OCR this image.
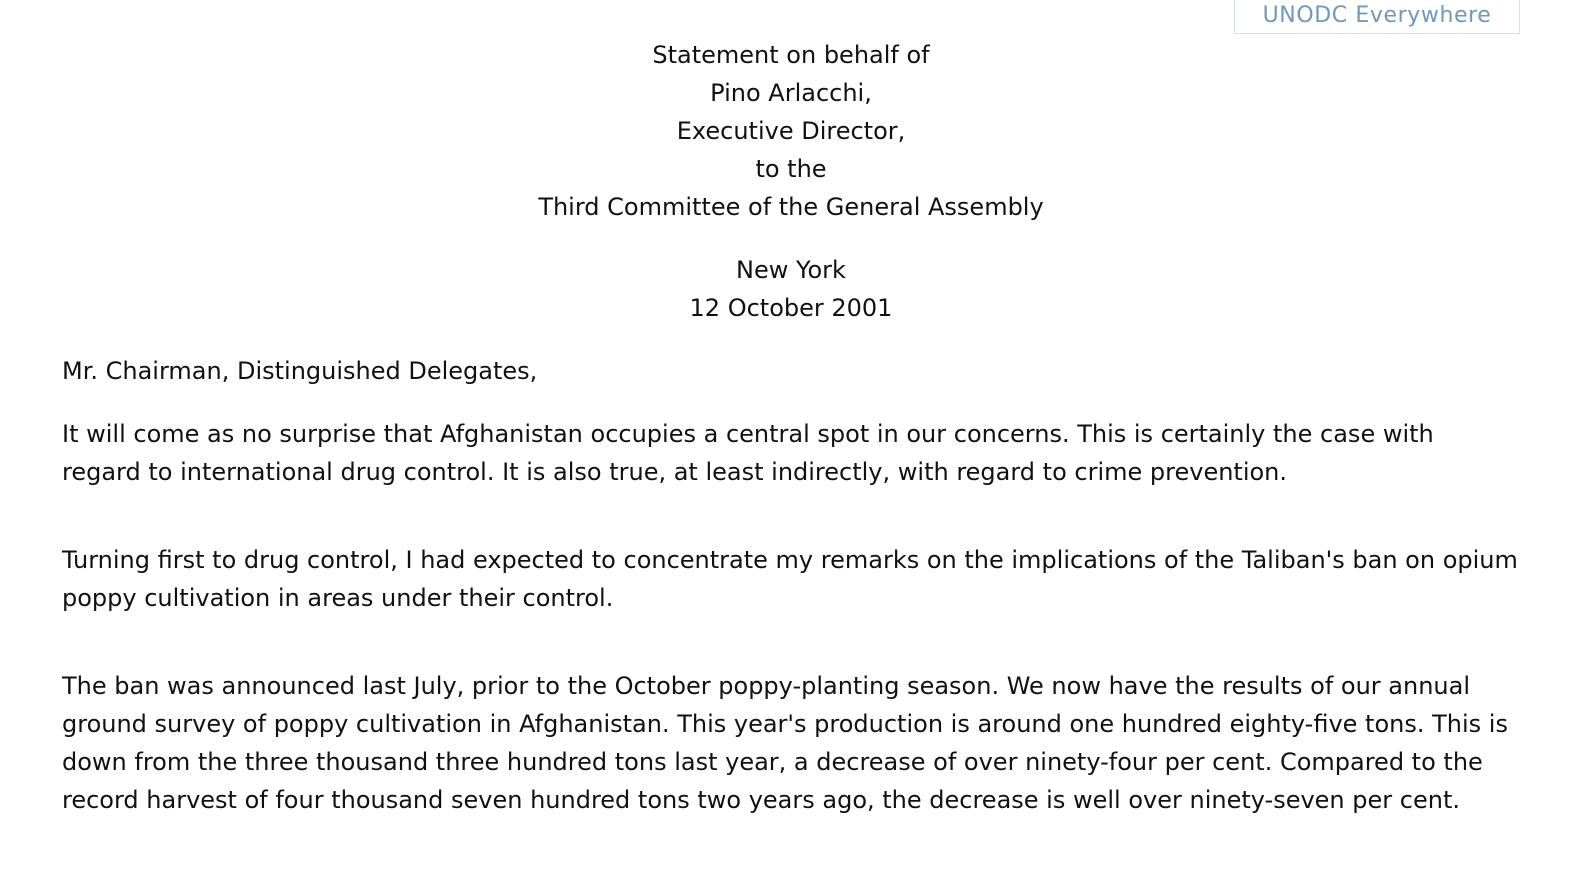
UNODC Everywhere
Statement on behalf of
Pino Arlacchi,
Executive Director,
to the
Third Committee of the General Assembly
New York
12 October 2001
Mr. Chairman, Distinguished Delegates,

It will come as no surprise that Afghanistan occupies a central spot in our concerns. This is certainly the case with regard to international drug control. It is also true, at least indirectly, with regard to crime prevention.

Turning first to drug control, I had expected to concentrate my remarks on the implications of the Taliban's ban on opium poppy cultivation in areas under their control.

The ban was announced last July, prior to the October poppy-planting season. We now have the results of our annual ground survey of poppy cultivation in Afghanistan. This year's production is around one hundred eighty-five tons. This is down from the three thousand three hundred tons last year, a decrease of over ninety-four per cent. Compared to the record harvest of four thousand seven hundred tons two years ago, the decrease is well over ninety-seven per cent.
